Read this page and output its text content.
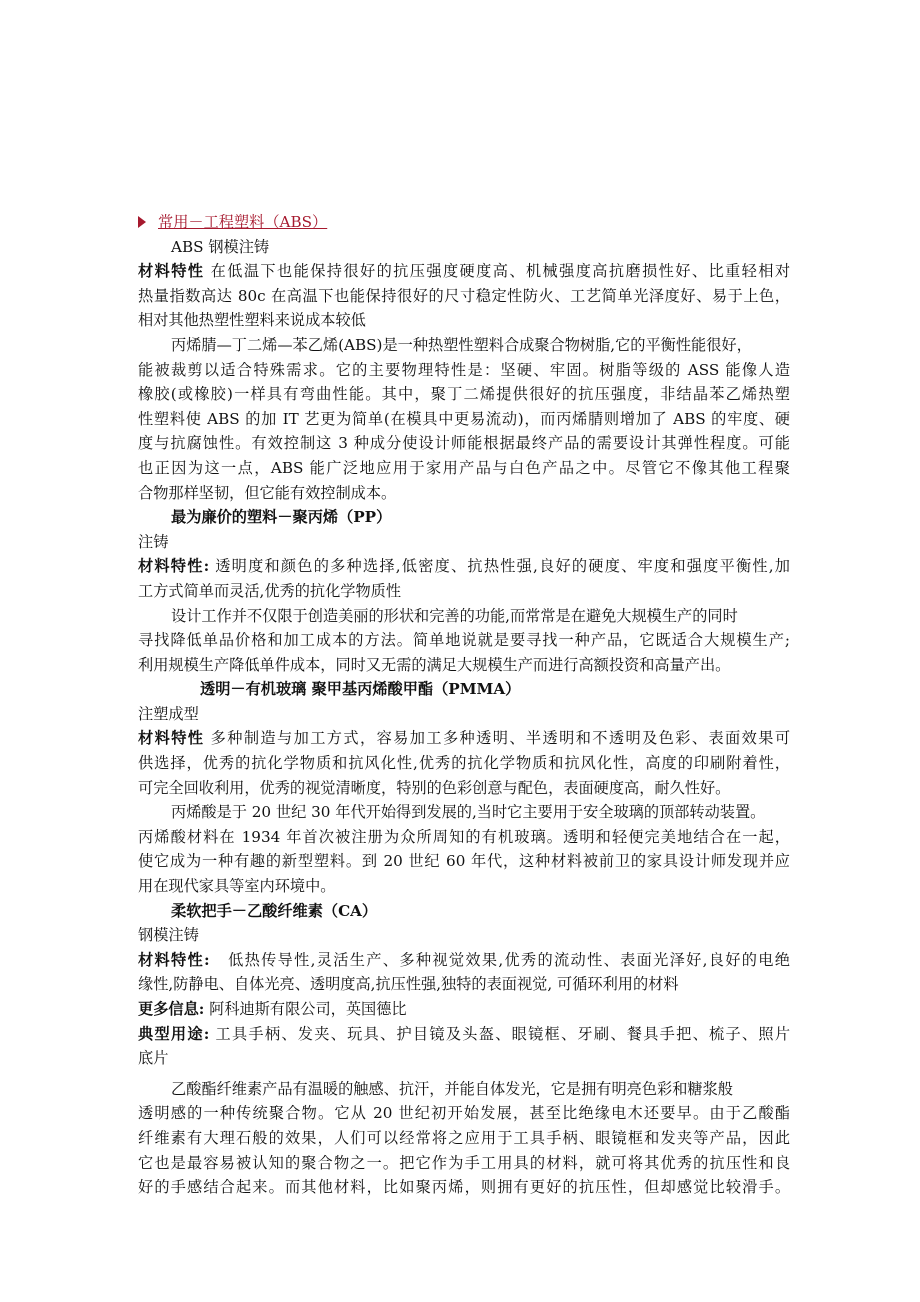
常用－工程塑料（ABS）
ABS 钢模注铸
材料特性 在低温下也能保持很好的抗压强度硬度高、机械强度高抗磨损性好、比重轻相对
热量指数高达 80c 在高温下也能保持很好的尺寸稳定性防火、工艺简单光泽度好、易于上色，
相对其他热塑性塑料来说成本较低
丙烯腈—丁二烯—苯乙烯(ABS)是一种热塑性塑料合成聚合物树脂,它的平衡性能很好，
能被裁剪以适合特殊需求。它的主要物理特性是：坚硬、牢固。树脂等级的 ASS 能像人造
橡胶(或橡胶)一样具有弯曲性能。其中，聚丁二烯提供很好的抗压强度，非结晶苯乙烯热塑
性塑料使 ABS 的加 IT 艺更为简单(在模具中更易流动)，而丙烯腈则增加了 ABS 的牢度、硬
度与抗腐蚀性。有效控制这 3 种成分使设计师能根据最终产品的需要设计其弹性程度。可能
也正因为这一点，ABS 能广泛地应用于家用产品与白色产品之中。尽管它不像其他工程聚
合物那样坚韧，但它能有效控制成本。
最为廉价的塑料－聚丙烯（PP）
注铸
材料特性: 透明度和颜色的多种选择,低密度、抗热性强,良好的硬度、牢度和强度平衡性,加
工方式简单而灵活,优秀的抗化学物质性
设计工作并不仅限于创造美丽的形状和完善的功能,而常常是在避免大规模生产的同时
寻找降低单品价格和加工成本的方法。简单地说就是要寻找一种产品，它既适合大规模生产;
利用规模生产降低单件成本，同时又无需的满足大规模生产而进行高额投资和高量产出。
透明－有机玻璃 聚甲基丙烯酸甲酯（PMMA）
注塑成型
材料特性 多种制造与加工方式，容易加工多种透明、半透明和不透明及色彩、表面效果可
供选择，优秀的抗化学物质和抗风化性,优秀的抗化学物质和抗风化性，高度的印刷附着性，
可完全回收利用，优秀的视觉清晰度，特别的色彩创意与配色，表面硬度高，耐久性好。
丙烯酸是于 20 世纪 30 年代开始得到发展的,当时它主要用于安全玻璃的顶部转动装置。
丙烯酸材料在 1934 年首次被注册为众所周知的有机玻璃。透明和轻便完美地结合在一起，
使它成为一种有趣的新型塑料。到 20 世纪 60 年代，这种材料被前卫的家具设计师发现并应
用在现代家具等室内环境中。
柔软把手－乙酸纤维素（CA）
钢模注铸
材料特性:   低热传导性,灵活生产、多种视觉效果,优秀的流动性、表面光泽好,良好的电绝
缘性,防静电、自体光亮、透明度高,抗压性强,独特的表面视觉, 可循环利用的材料
更多信息: 阿科迪斯有限公司，英国德比
典型用途: 工具手柄、发夹、玩具、护目镜及头盔、眼镜框、牙刷、餐具手把、梳子、照片
底片
乙酸酯纤维素产品有温暖的触感、抗汗，并能自体发光，它是拥有明亮色彩和糖浆般
透明感的一种传统聚合物。它从 20 世纪初开始发展，甚至比绝缘电木还要早。由于乙酸酯
纤维素有大理石般的效果，人们可以经常将之应用于工具手柄、眼镜框和发夹等产品，因此
它也是最容易被认知的聚合物之一。把它作为手工用具的材料，就可将其优秀的抗压性和良
好的手感结合起来。而其他材料，比如聚丙烯，则拥有更好的抗压性，但却感觉比较滑手。
